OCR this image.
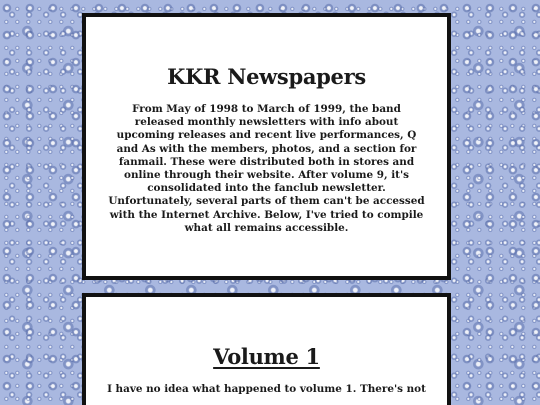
KKR Newspapers

From May of 1998 to March of 1999, the band released monthly newsletters with info about upcoming releases and recent live performances, Q and As with the members, photos, and a section for fanmail. These were distributed both in stores and online through their website. After volume 9, it's consolidated into the fanclub newsletter. Unfortunately, several parts of them can't be accessed with the Internet Archive. Below, I've tried to compile what all remains accessible.

Volume 1

I have no idea what happened to volume 1. There's not
